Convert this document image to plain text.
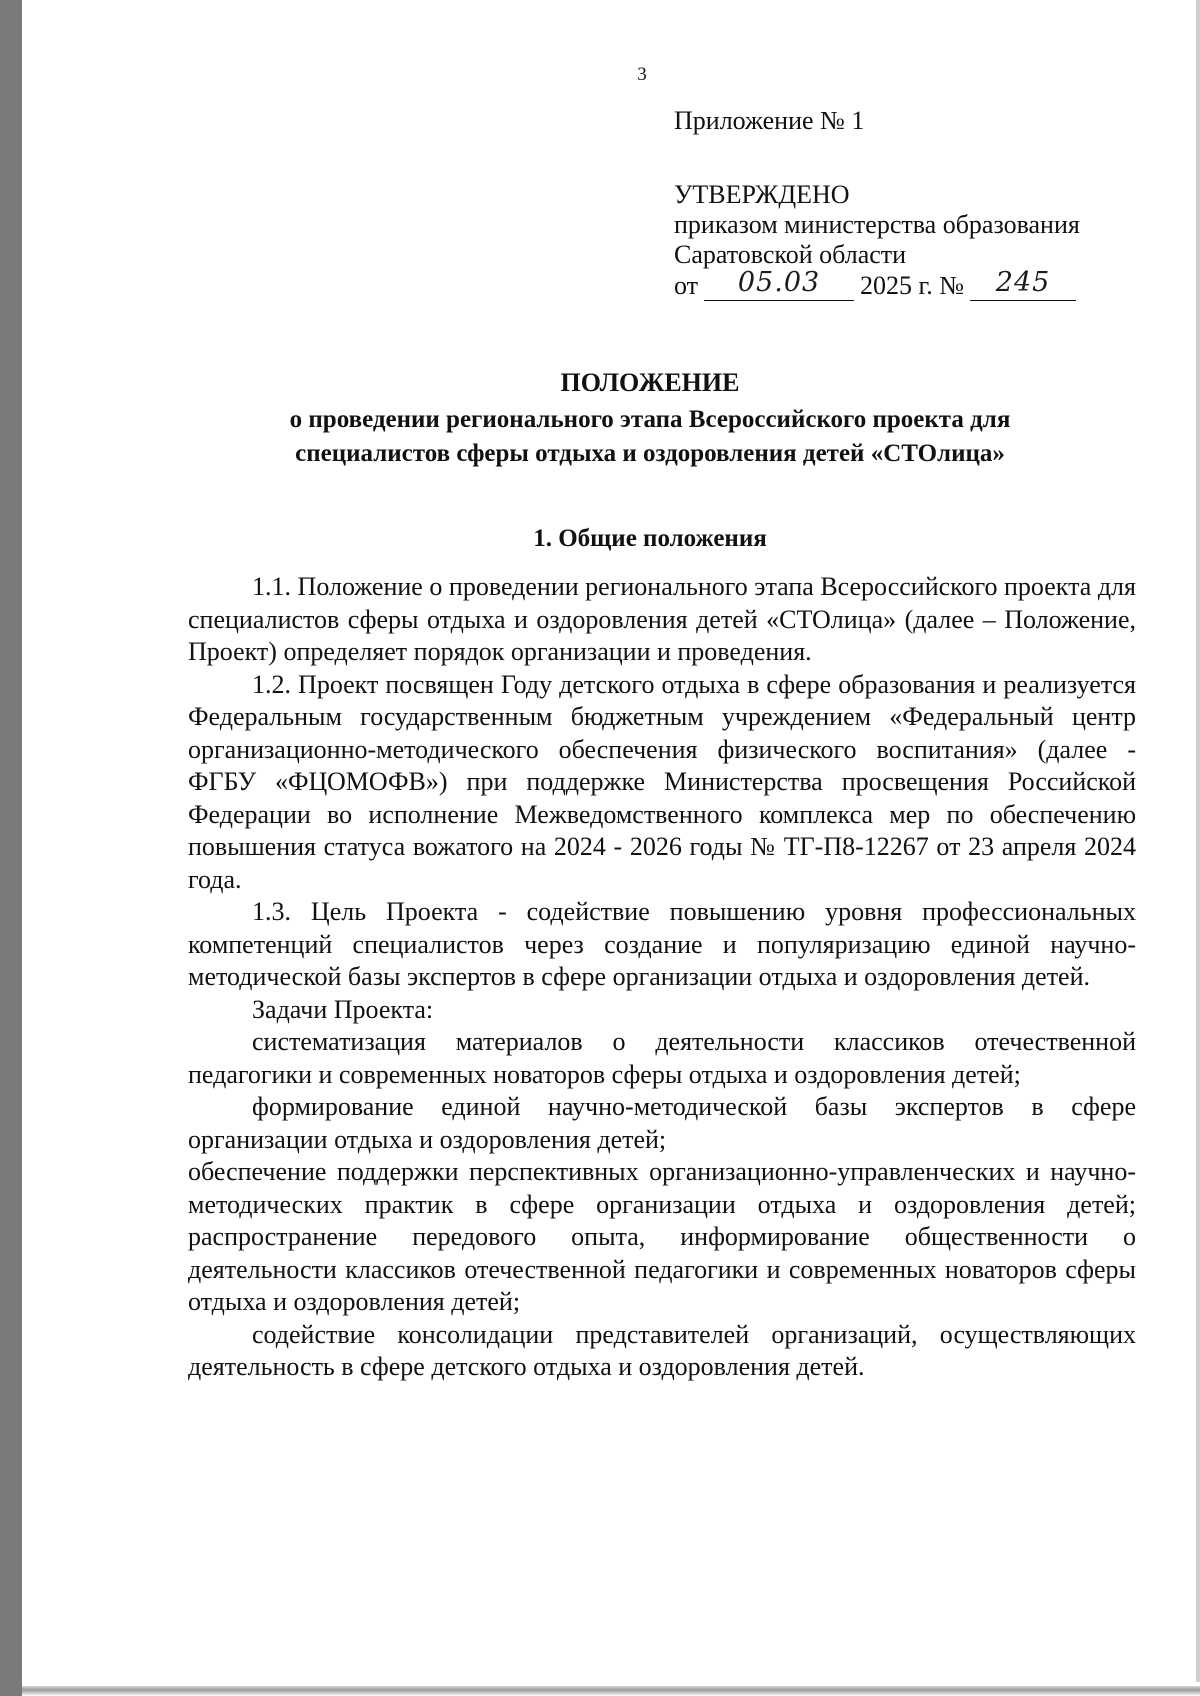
3
Приложение № 1
УТВЕРЖДЕНО
приказом министерства образования
Саратовской области
от	05.03	2025 г. №	245
ПОЛОЖЕНИЕ
о проведении регионального этапа Всероссийского проекта для
специалистов сферы отдыха и оздоровления детей «СТОлица»
1. Общие положения

1.1. Положение о проведении регионального этапа Всероссийского проекта для специалистов сферы отдыха и оздоровления детей «СТОлица» (далее – Положение, Проект) определяет порядок организации и проведения.

1.2. Проект посвящен Году детского отдыха в сфере образования и реализуется Федеральным государственным бюджетным учреждением «Федеральный центр организационно-методического обеспечения физического воспитания» (далее - ФГБУ «ФЦОМОФВ») при поддержке Министерства просвещения Российской Федерации во исполнение Межведомственного комплекса мер по обеспечению повышения статуса вожатого на 2024 - 2026 годы № ТГ-П8-12267 от 23 апреля 2024 года.

1.3. Цель Проекта - содействие повышению уровня профессиональных компетенций специалистов через создание и популяризацию единой научно-методической базы экспертов в сфере организации отдыха и оздоровления детей.

Задачи Проекта:

систематизация материалов о деятельности классиков отечественной педагогики и современных новаторов сферы отдыха и оздоровления детей;

формирование единой научно-методической базы экспертов в сфере организации отдыха и оздоровления детей;

обеспечение поддержки перспективных организационно-управленческих и научно-методических практик в сфере организации отдыха и оздоровления детей; распространение передового опыта, информирование общественности о деятельности классиков отечественной педагогики и современных новаторов сферы отдыха и оздоровления детей;

содействие консолидации представителей организаций, осуществляющих деятельность в сфере детского отдыха и оздоровления детей.
